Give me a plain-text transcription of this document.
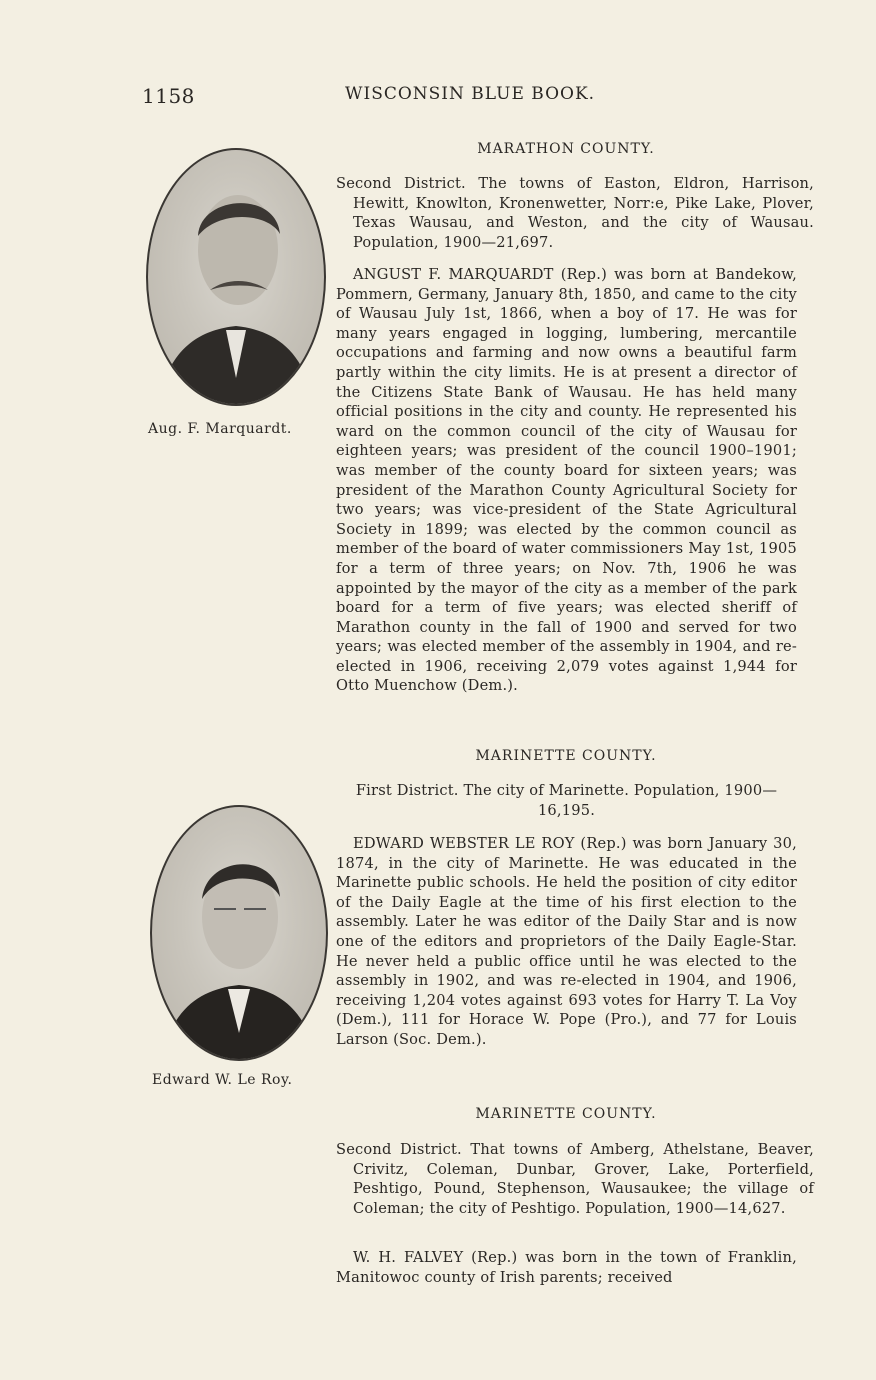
1158	WISCONSIN BLUE BOOK.
MARATHON COUNTY.

Second District. The towns of Easton, Eldron, Harrison, Hewitt, Knowlton, Kronenwetter, Norr:e, Pike Lake, Plover, Texas Wausau, and Weston, and the city of Wausau. Population, 1900—21,697.

ANGUST F. MARQUARDT (Rep.) was born at Bandekow, Pommern, Germany, January 8th, 1850, and came to the city of Wausau July 1st, 1866, when a boy of 17. He was for many years engaged in logging, lumbering, mercantile occupations and farming and now owns a beautiful farm partly within the city limits. He is at present a director of the Citizens State Bank of Wausau. He has held many official positions in the city and county. He represented his ward on the common council of the city of Wausau for eighteen years; was president of the council 1900–1901; was member of the county board for sixteen years; was president of the Marathon County Agricultural Society for two years; was vice-president of the State Agricultural Society in 1899; was elected by the common council as member of the board of water commissioners May 1st, 1905 for a term of three years; on Nov. 7th, 1906 he was appointed by the mayor of the city as a member of the park board for a term of five years; was elected sheriff of Marathon county in the fall of 1900 and served for two years; was elected member of the assembly in 1904, and re-elected in 1906, receiving 2,079 votes against 1,944 for Otto Muenchow (Dem.).

Aug. F. Marquardt.
MARINETTE COUNTY.

First District. The city of Marinette. Population, 1900—16,195.

EDWARD WEBSTER LE ROY (Rep.) was born January 30, 1874, in the city of Marinette. He was educated in the Marinette public schools. He held the position of city editor of the Daily Eagle at the time of his first election to the assembly. Later he was editor of the Daily Star and is now one of the editors and proprietors of the Daily Eagle-Star. He never held a public office until he was elected to the assembly in 1902, and was re-elected in 1904, and 1906, receiving 1,204 votes against 693 votes for Harry T. La Voy (Dem.), 111 for Horace W. Pope (Pro.), and 77 for Louis Larson (Soc. Dem.).

Edward W. Le Roy.
MARINETTE COUNTY.

Second District. That towns of Amberg, Athelstane, Beaver, Crivitz, Coleman, Dunbar, Grover, Lake, Porterfield, Peshtigo, Pound, Stephenson, Wausaukee; the village of Coleman; the city of Peshtigo. Population, 1900—14,627.

W. H. FALVEY (Rep.) was born in the town of Franklin, Manitowoc county of Irish parents; received
